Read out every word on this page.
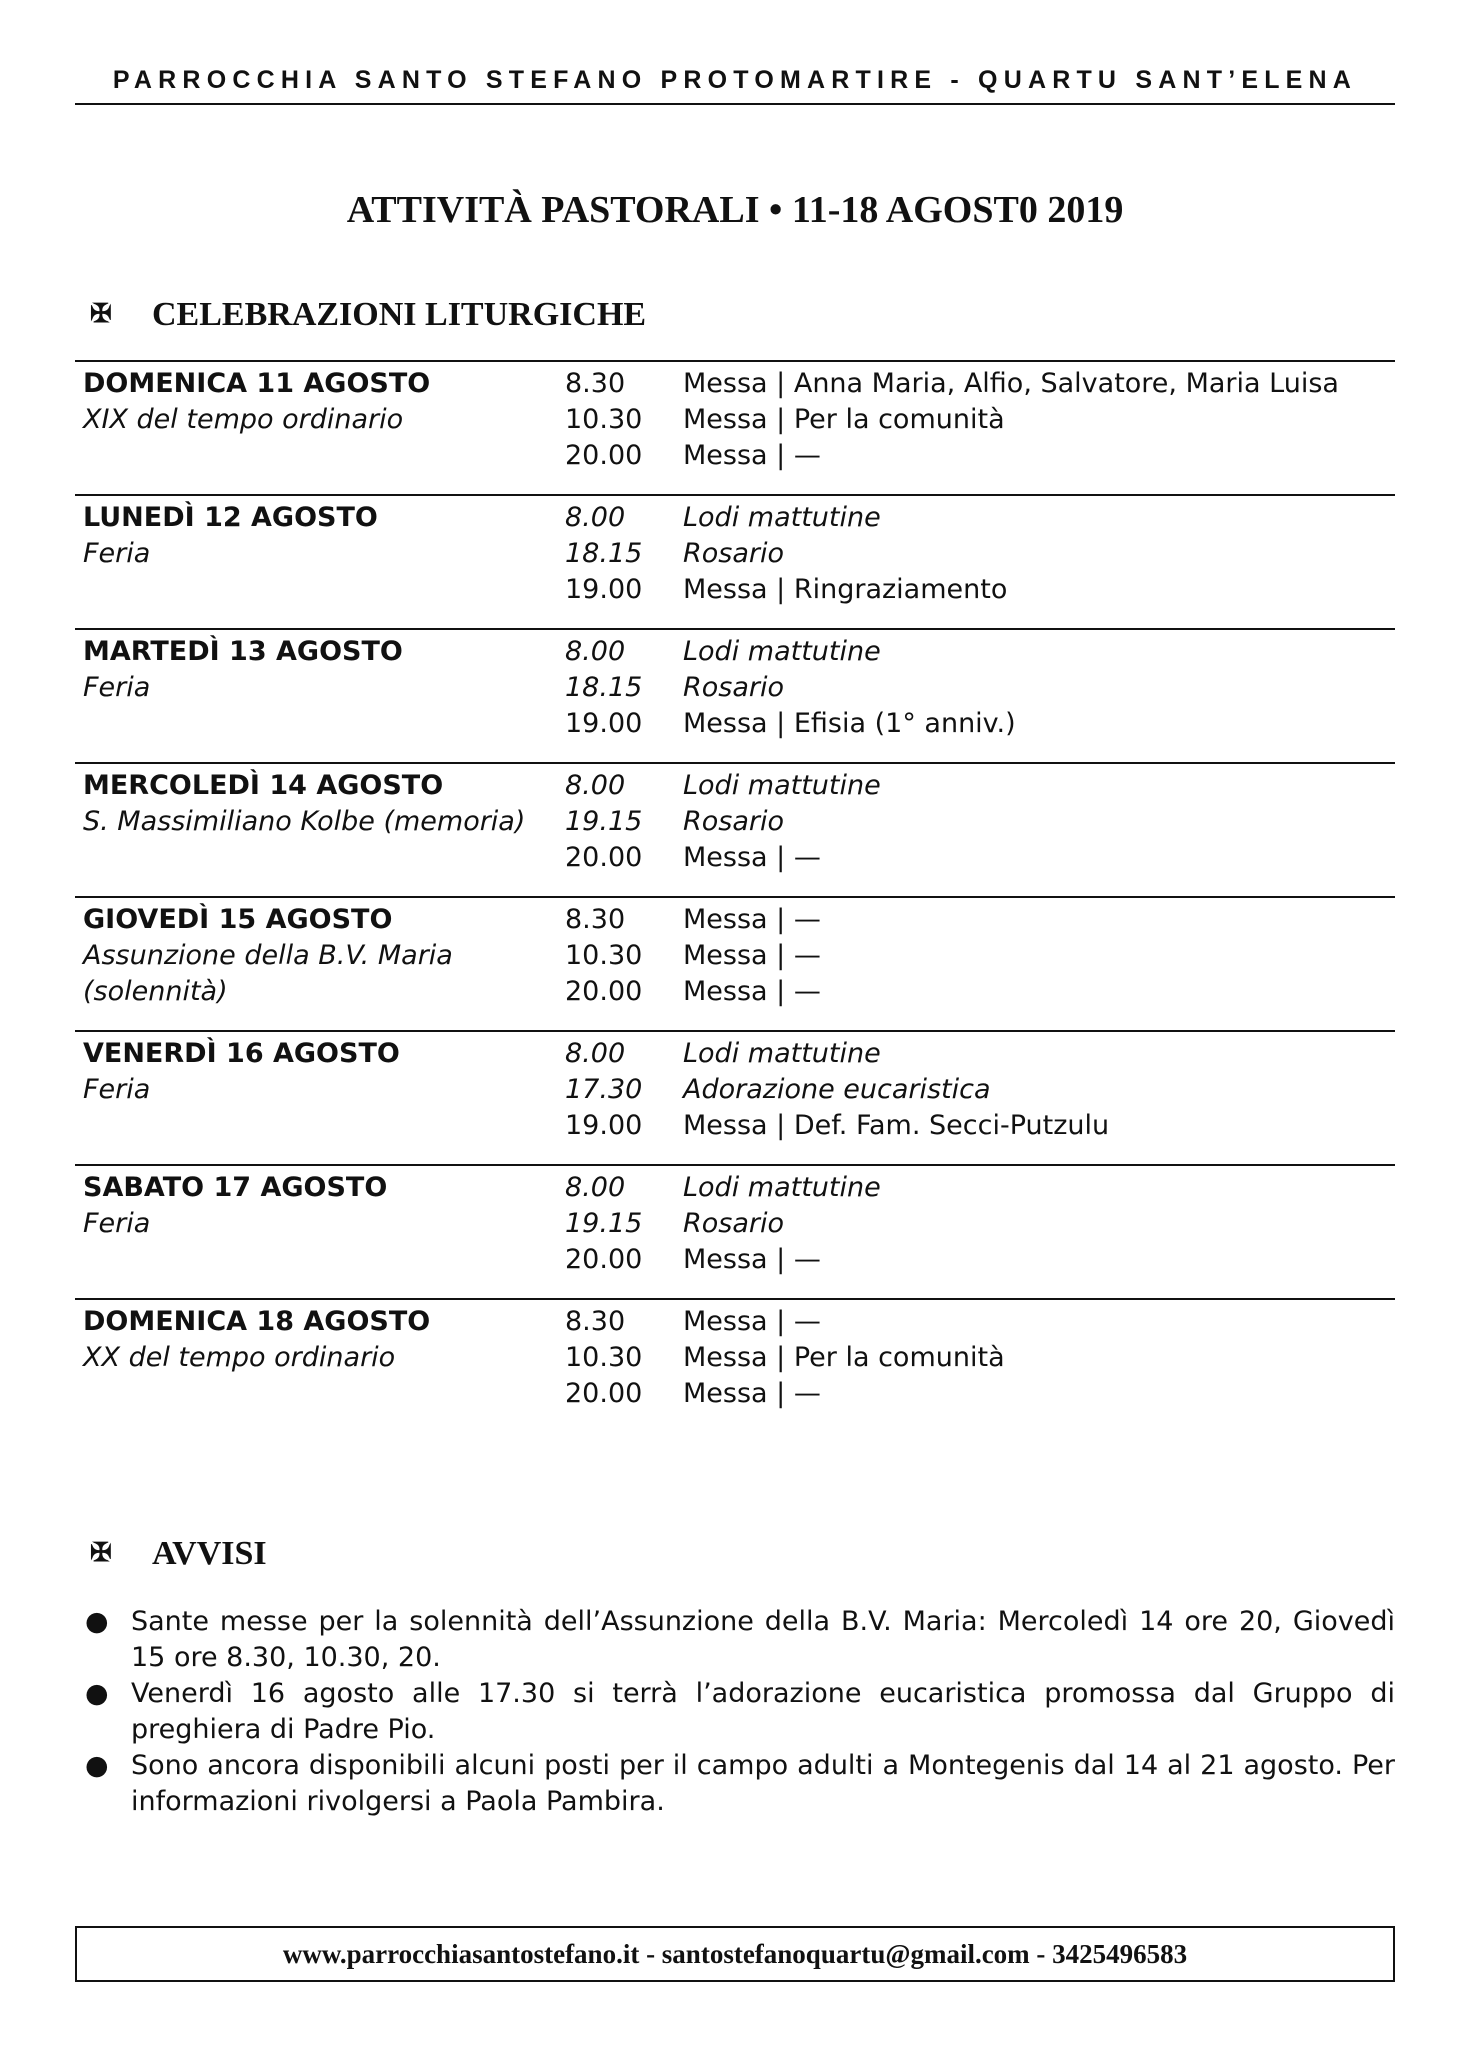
PARROCCHIA SANTO STEFANO PROTOMARTIRE - QUARTU SANT’ELENA
ATTIVITÀ PASTORALI • 11-18 AGOST0 2019
✠ CELEBRAZIONI LITURGICHE
DOMENICA 11 AGOSTO
XIX del tempo ordinario
8.30 Messa | Anna Maria, Alfio, Salvatore, Maria Luisa
10.30 Messa | Per la comunità
20.00 Messa | —
LUNEDÌ 12 AGOSTO
Feria
8.00 Lodi mattutine
18.15 Rosario
19.00 Messa | Ringraziamento
MARTEDÌ 13 AGOSTO
Feria
8.00 Lodi mattutine
18.15 Rosario
19.00 Messa | Efisia (1° anniv.)
MERCOLEDÌ 14 AGOSTO
S. Massimiliano Kolbe (memoria)
8.00 Lodi mattutine
19.15 Rosario
20.00 Messa | —
GIOVEDÌ 15 AGOSTO
Assunzione della B.V. Maria
(solennità)
8.30 Messa | —
10.30 Messa | —
20.00 Messa | —
VENERDÌ 16 AGOSTO
Feria
8.00 Lodi mattutine
17.30 Adorazione eucaristica
19.00 Messa | Def. Fam. Secci-Putzulu
SABATO 17 AGOSTO
Feria
8.00 Lodi mattutine
19.15 Rosario
20.00 Messa | —
DOMENICA 18 AGOSTO
XX del tempo ordinario
8.30 Messa | —
10.30 Messa | Per la comunità
20.00 Messa | —
✠ AVVISI
● Sante messe per la solennità dell’Assunzione della B.V. Maria: Mercoledì 14 ore 20, Giovedì 15 ore 8.30, 10.30, 20.
● Venerdì 16 agosto alle 17.30 si terrà l’adorazione eucaristica promossa dal Gruppo di preghiera di Padre Pio.
● Sono ancora disponibili alcuni posti per il campo adulti a Montegenis dal 14 al 21 agosto. Per informazioni rivolgersi a Paola Pambira.
www.parrocchiasantostefano.it - santostefanoquartu@gmail.com - 3425496583
